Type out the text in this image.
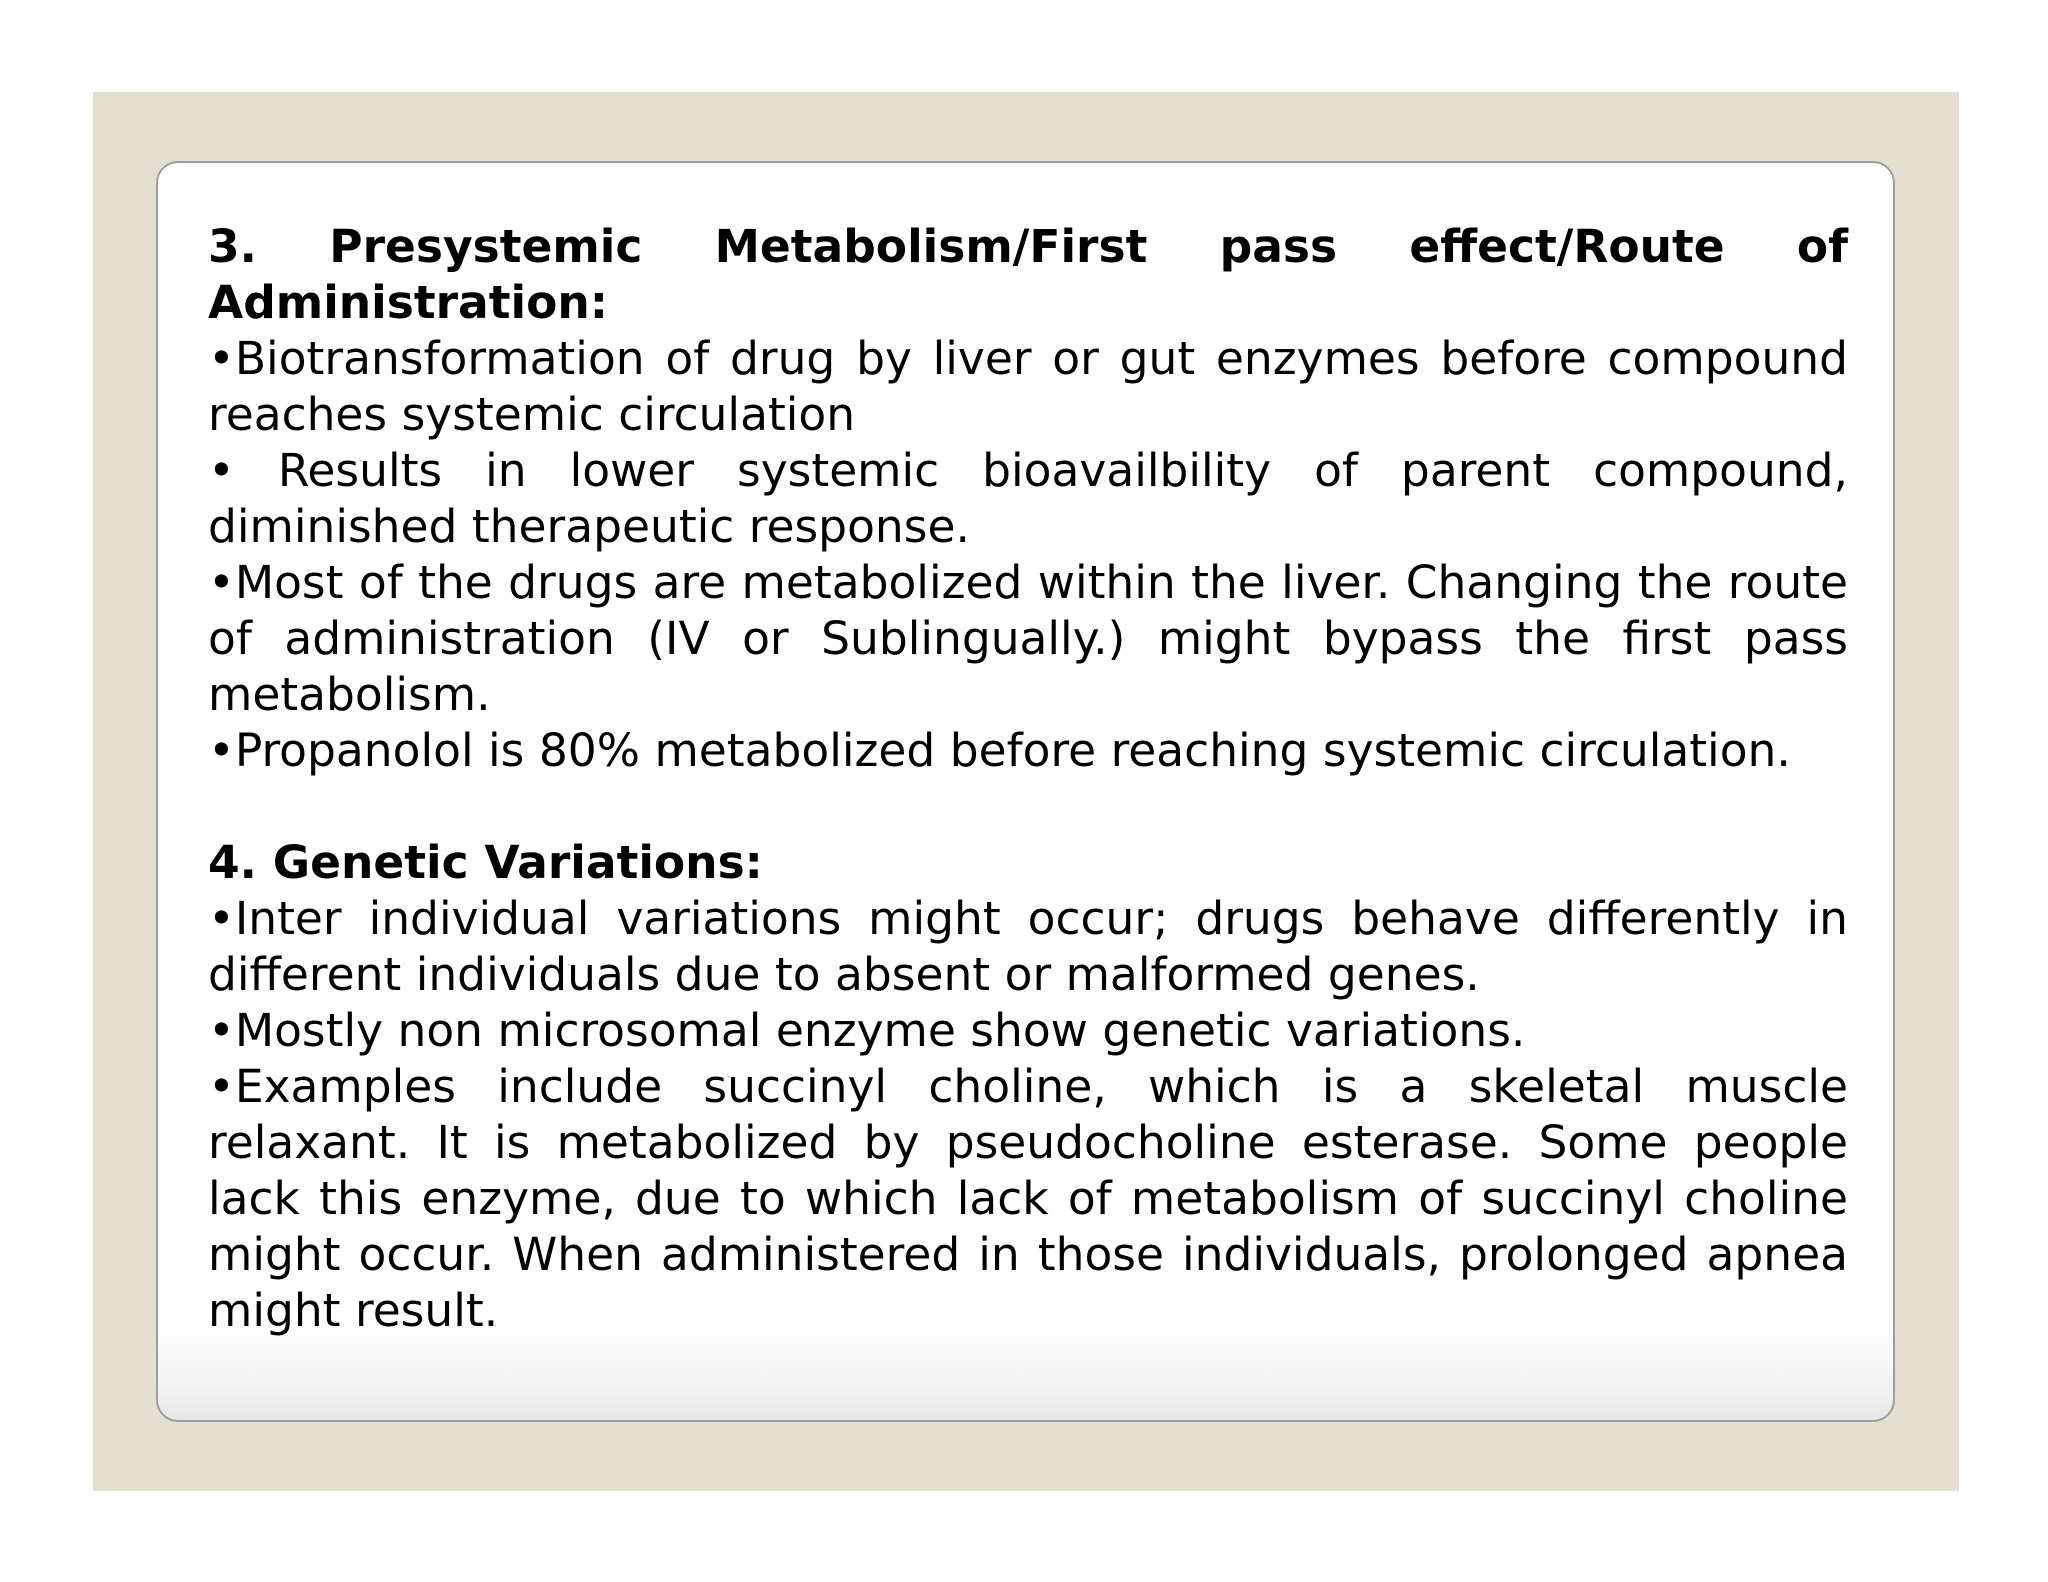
3. Presystemic Metabolism/First pass effect/Route of Administration:

•Biotransformation of drug by liver or gut enzymes before compound reaches systemic circulation

• Results in lower systemic bioavailbility of parent compound, diminished therapeutic response.

•Most of the drugs are metabolized within the liver. Changing the route of administration (IV or Sublingually.) might bypass the first pass metabolism.

•Propanolol is 80% metabolized before reaching systemic circulation.

4. Genetic Variations:

•Inter individual variations might occur; drugs behave differently in different individuals due to absent or malformed genes.

•Mostly non microsomal enzyme show genetic variations.

•Examples include succinyl choline, which is a skeletal muscle relaxant. It is metabolized by pseudocholine esterase. Some people lack this enzyme, due to which lack of metabolism of succinyl choline might occur. When administered in those individuals, prolonged apnea might result.
